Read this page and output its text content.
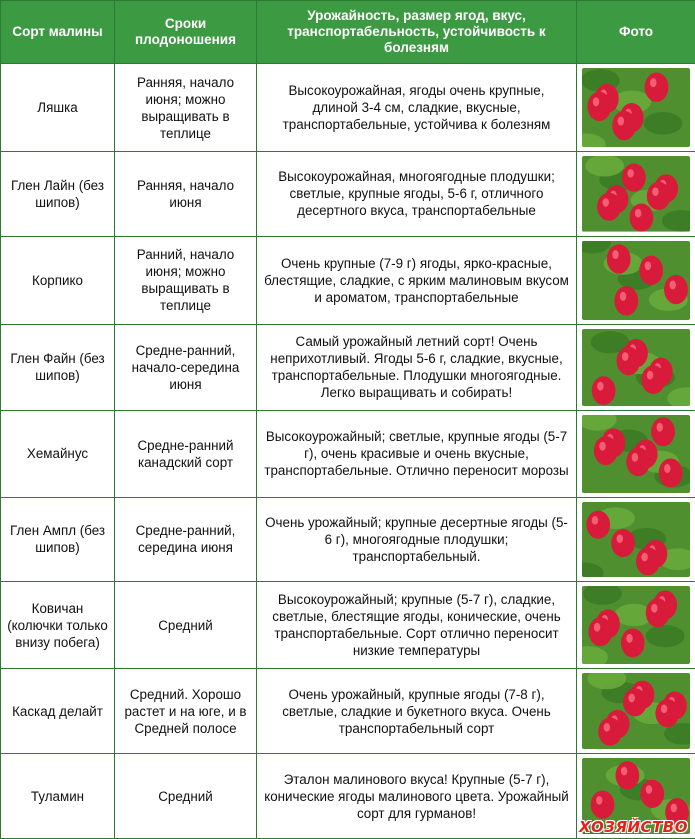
Сорт малины	Сроки плодоношения	Урожайность, размер ягод, вкус, транспортабельность, устойчивость к болезням	Фото
Ляшка	Ранняя, начало июня; можно выращивать в теплице	Высокоурожайная, ягоды очень крупные, длиной 3-4 см, сладкие, вкусные, транспортабельные, устойчива к болезням	

Глен Лайн (без шипов)	Ранняя, начало июня	Высокоурожайная, многоягодные плодушки; светлые, крупные ягоды, 5-6 г, отличного десертного вкуса, транспортабельные	

Корпико	Ранний, начало июня; можно выращивать в теплице	Очень крупные (7-9 г) ягоды, ярко-красные, блестящие, сладкие, с ярким малиновым вкусом и ароматом, транспортабельные	

Глен Файн (без шипов)	Средне-ранний, начало-середина июня	Самый урожайный летний сорт! Очень неприхотливый. Ягоды 5-6 г, сладкие, вкусные, транспортабельные. Плодушки многоягодные. Легко выращивать и собирать!	

Хемайнус	Средне-ранний канадский сорт	Высокоурожайный; светлые, крупные ягоды (5-7 г), очень красивые и очень вкусные, транспортабельные. Отлично переносит морозы	

Глен Ампл (без шипов)	Средне-ранний, середина июня	Очень урожайный; крупные десертные ягоды (5-6 г), многоягодные плодушки; транспортабельный.	

Ковичан (колючки только внизу побега)	Средний	Высокоурожайный; крупные (5-7 г), сладкие, светлые, блестящие ягоды, конические, очень транспортабельные. Сорт отлично переносит низкие температуры	

Каскад делайт	Средний. Хорошо растет и на юге, и в Средней полосе	Очень урожайный, крупные ягоды (7-8 г), светлые, сладкие и букетного вкуса. Очень транспортабельный сорт	

Туламин	Средний	Эталон малинового вкуса! Крупные (5-7 г), конические ягоды малинового цвета. Урожайный сорт для гурманов!	
ХОЗЯЙСТВО
